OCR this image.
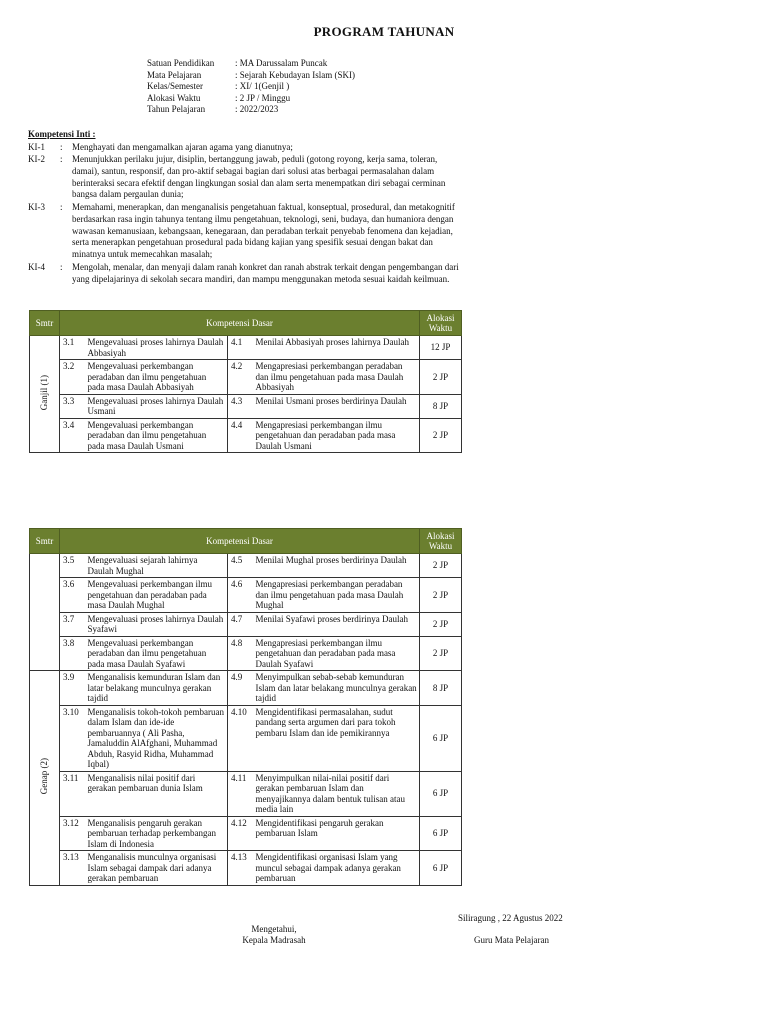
PROGRAM TAHUNAN
Satuan Pendidikan	: MA Darussalam Puncak
Mata Pelajaran	: Sejarah Kebudayan Islam (SKI)
Kelas/Semester	: XI/ 1(Genjil )
Alokasi Waktu	: 2 JP / Minggu
Tahun Pelajaran	: 2022/2023
Kompetensi Inti :
KI-1	:	Menghayati dan mengamalkan ajaran agama yang dianutnya;
KI-2	:	Menunjukkan perilaku jujur, disiplin, bertanggung jawab, peduli (gotong royong, kerja sama, toleran, damai), santun, responsif, dan pro-aktif sebagai bagian dari solusi atas berbagai permasalahan dalam berinteraksi secara efektif dengan lingkungan sosial dan alam serta menempatkan diri sebagai cerminan bangsa dalam pergaulan dunia;
KI-3	:	Memahami, menerapkan, dan menganalisis pengetahuan faktual, konseptual, prosedural, dan metakognitif berdasarkan rasa ingin tahunya tentang ilmu pengetahuan, teknologi, seni, budaya, dan humaniora dengan wawasan kemanusiaan, kebangsaan, kenegaraan, dan peradaban terkait penyebab fenomena dan kejadian, serta menerapkan pengetahuan prosedural pada bidang kajian yang spesifik sesuai dengan bakat dan minatnya untuk memecahkan masalah;
KI-4	:	Mengolah, menalar, dan menyaji dalam ranah konkret dan ranah abstrak terkait dengan pengembangan dari yang dipelajarinya di sekolah secara mandiri, dan mampu menggunakan metoda sesuai kaidah keilmuan.
Smtr	Kompetensi Dasar				Alokasi Waktu
Ganjil (1)	3.1	Mengevaluasi proses lahirnya Daulah Abbasiyah	4.1	Menilai Abbasiyah proses lahirnya Daulah	12 JP
	3.2	Mengevaluasi perkembangan peradaban dan ilmu pengetahuan pada masa Daulah Abbasiyah	4.2	Mengapresiasi perkembangan peradaban dan ilmu pengetahuan pada masa Daulah Abbasiyah	2 JP
	3.3	Mengevaluasi proses lahirnya Daulah Usmani	4.3	Menilai Usmani proses berdirinya Daulah	8 JP
	3.4	Mengevaluasi perkembangan peradaban dan ilmu pengetahuan pada masa Daulah Usmani	4.4	Mengapresiasi perkembangan ilmu pengetahuan dan peradaban pada masa Daulah Usmani	2 JP
Smtr	Kompetensi Dasar				Alokasi Waktu
	3.5	Mengevaluasi sejarah lahirnya Daulah Mughal	4.5	Menilai Mughal proses berdirinya Daulah	2 JP
	3.6	Mengevaluasi perkembangan ilmu pengetahuan dan peradaban pada masa Daulah Mughal	4.6	Mengapresiasi perkembangan peradaban dan ilmu pengetahuan pada masa Daulah Mughal	2 JP
	3.7	Mengevaluasi proses lahirnya Daulah Syafawi	4.7	Menilai Syafawi proses berdirinya Daulah	2 JP
	3.8	Mengevaluasi perkembangan peradaban dan ilmu pengetahuan pada masa Daulah Syafawi	4.8	Mengapresiasi perkembangan ilmu pengetahuan dan peradaban pada masa Daulah Syafawi	2 JP
Genap (2)	3.9	Menganalisis kemunduran Islam dan latar belakang munculnya gerakan tajdid	4.9	Menyimpulkan sebab-sebab kemunduran Islam dan latar belakang munculnya gerakan tajdid	8 JP
	3.10	Menganalisis tokoh-tokoh pembaruan dalam Islam dan ide-ide pembaruannya ( Ali Pasha, Jamaluddin AlAfghani, Muhammad Abduh, Rasyid Ridha, Muhammad Iqbal)	4.10	Mengidentifikasi permasalahan, sudut pandang serta argumen dari para tokoh pembaru Islam dan ide pemikirannya	6 JP
	3.11	Menganalisis nilai positif dari gerakan pembaruan dunia Islam	4.11	Menyimpulkan nilai-nilai positif dari gerakan pembaruan Islam dan menyajikannya dalam bentuk tulisan atau media lain	6 JP
	3.12	Menganalisis pengaruh gerakan pembaruan terhadap perkembangan Islam di Indonesia	4.12	Mengidentifikasi pengaruh gerakan pembaruan Islam	6 JP
	3.13	Menganalisis munculnya organisasi Islam sebagai dampak dari adanya gerakan pembaruan	4.13	Mengidentifikasi organisasi Islam yang muncul sebagai dampak adanya gerakan pembaruan	6 JP
Siliragung , 22 Agustus 2022
Mengetahui,
Kepala Madrasah	Guru Mata Pelajaran
